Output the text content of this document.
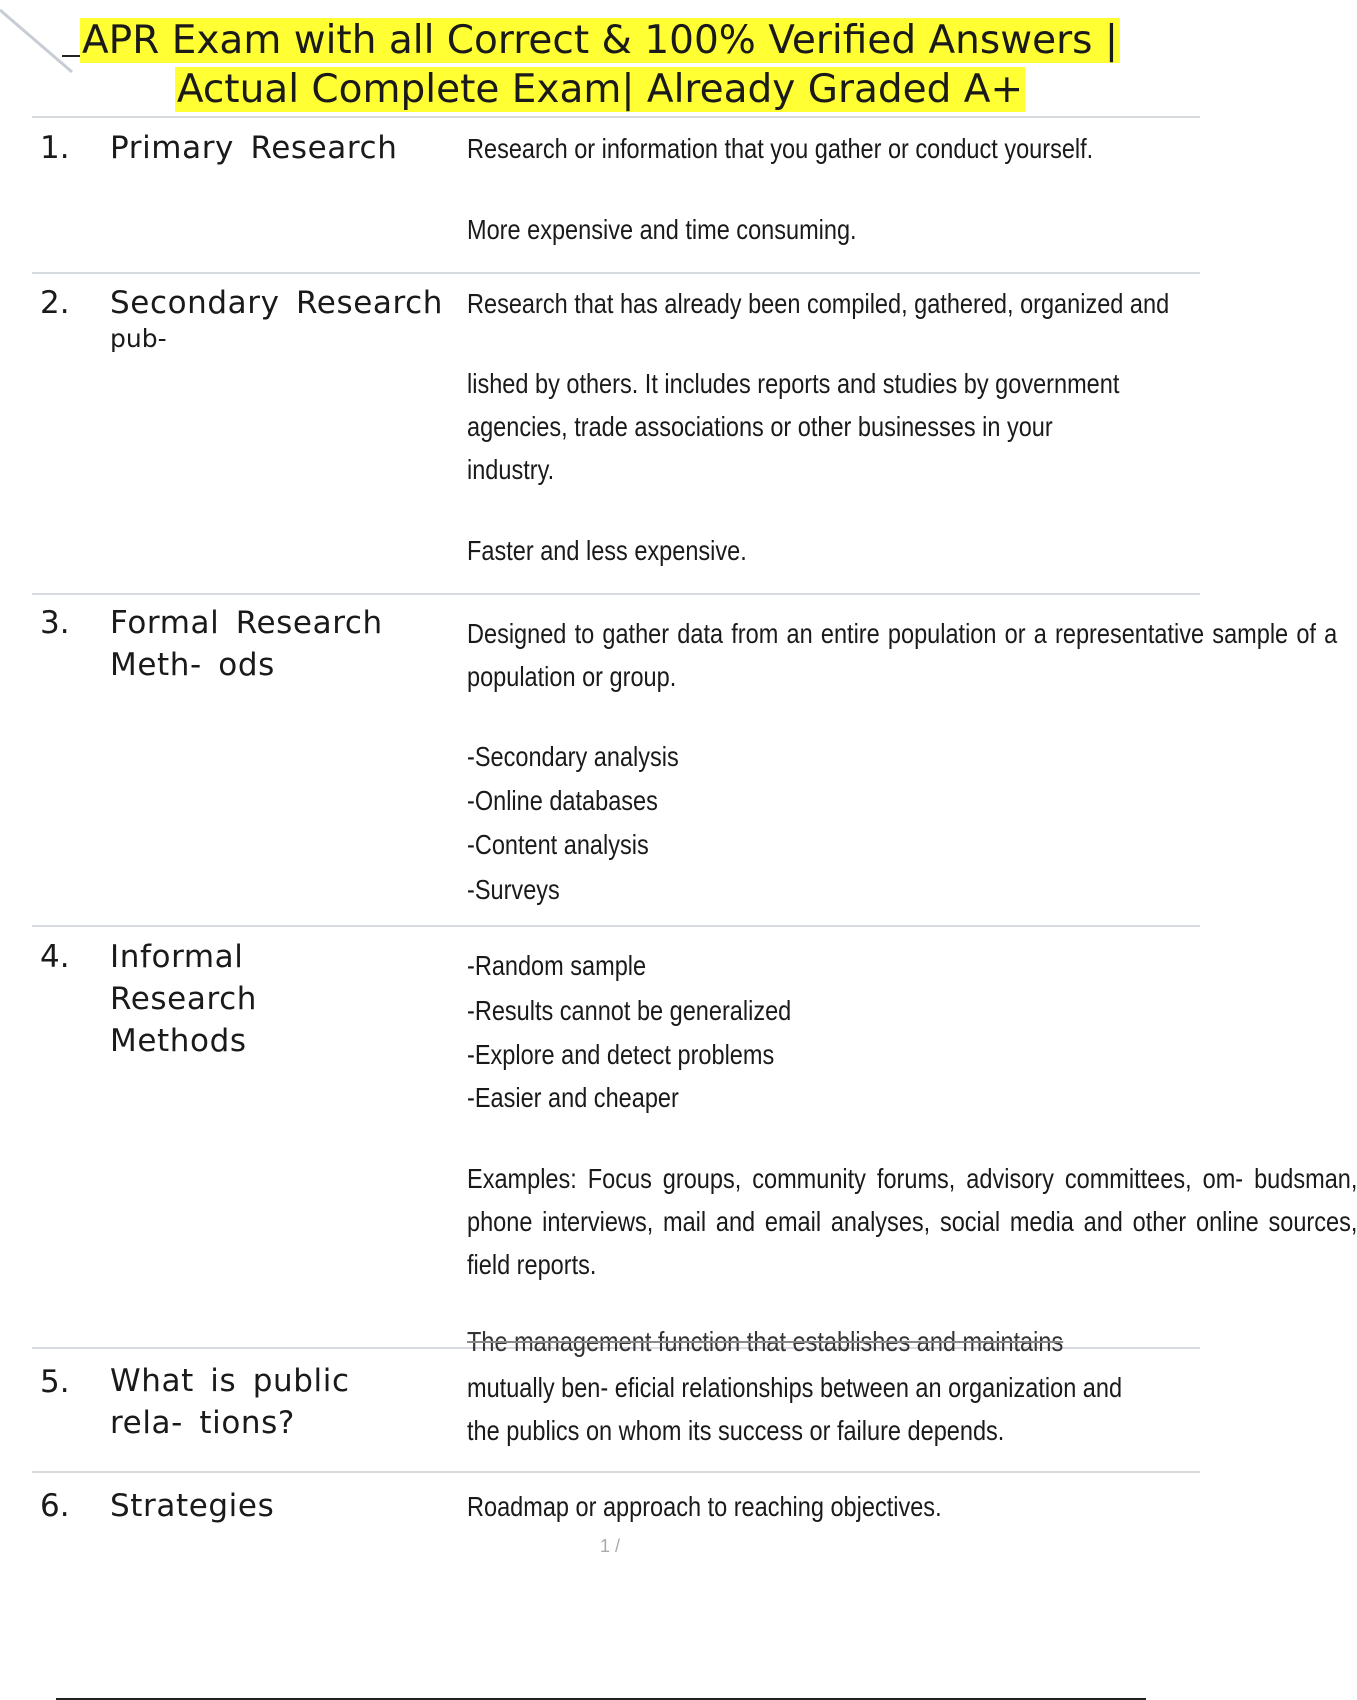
APR Exam with all Correct & 100% Verified Answers |
Actual Complete Exam| Already Graded A+
1. Primary Research	Research or information that you gather or conduct yourself.
More expensive and time consuming.
2. Secondary Research
pub-
Research that has already been compiled, gathered, organized and
lished by others. It includes reports and studies by government
agencies, trade associations or other businesses in your
industry.
Faster and less expensive.
3. Formal Research Meth- ods
Designed to gather data from an entire population or a representative sample of a population or group.
-Secondary analysis
-Online databases
-Content analysis
-Surveys
4. Informal Research Methods
-Random sample
-Results cannot be generalized
-Explore and detect problems
-Easier and cheaper
Examples: Focus groups, community forums, advisory committees, om- budsman, phone interviews, mail and email analyses, social media and other online sources, field reports.
5. What is public rela- tions?
The management function that establishes and maintains
mutually ben- eficial relationships between an organization and
the publics on whom its success or failure depends.
6. Strategies	Roadmap or approach to reaching objectives.
1 /
